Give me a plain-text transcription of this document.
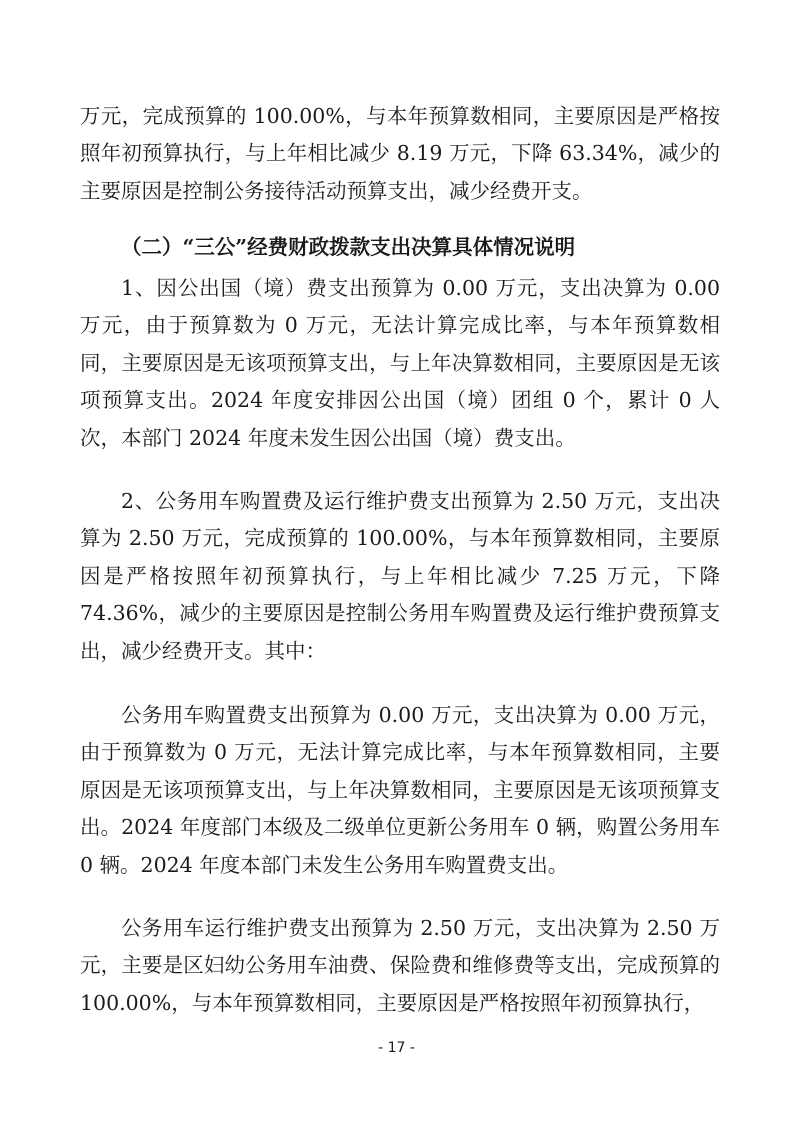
万元，完成预算的 100.00%，与本年预算数相同，主要原因是严格按照年初预算执行，与上年相比减少 8.19 万元，下降 63.34%，减少的主要原因是控制公务接待活动预算支出，减少经费开支。

（二）“三公”经费财政拨款支出决算具体情况说明

1、因公出国（境）费支出预算为 0.00 万元，支出决算为 0.00 万元，由于预算数为 0 万元，无法计算完成比率，与本年预算数相同，主要原因是无该项预算支出，与上年决算数相同，主要原因是无该项预算支出。2024 年度安排因公出国（境）团组 0 个，累计 0 人次，本部门 2024 年度未发生因公出国（境）费支出。

2、公务用车购置费及运行维护费支出预算为 2.50 万元，支出决算为 2.50 万元，完成预算的 100.00%，与本年预算数相同，主要原因是严格按照年初预算执行，与上年相比减少 7.25 万元，下降 74.36%，减少的主要原因是控制公务用车购置费及运行维护费预算支出，减少经费开支。其中：

公务用车购置费支出预算为 0.00 万元，支出决算为 0.00 万元，由于预算数为 0 万元，无法计算完成比率，与本年预算数相同，主要原因是无该项预算支出，与上年决算数相同，主要原因是无该项预算支出。2024 年度部门本级及二级单位更新公务用车 0 辆，购置公务用车 0 辆。2024 年度本部门未发生公务用车购置费支出。

公务用车运行维护费支出预算为 2.50 万元，支出决算为 2.50 万元，主要是区妇幼公务用车油费、保险费和维修费等支出，完成预算的 100.00%，与本年预算数相同，主要原因是严格按照年初预算执行，

- 17 -
